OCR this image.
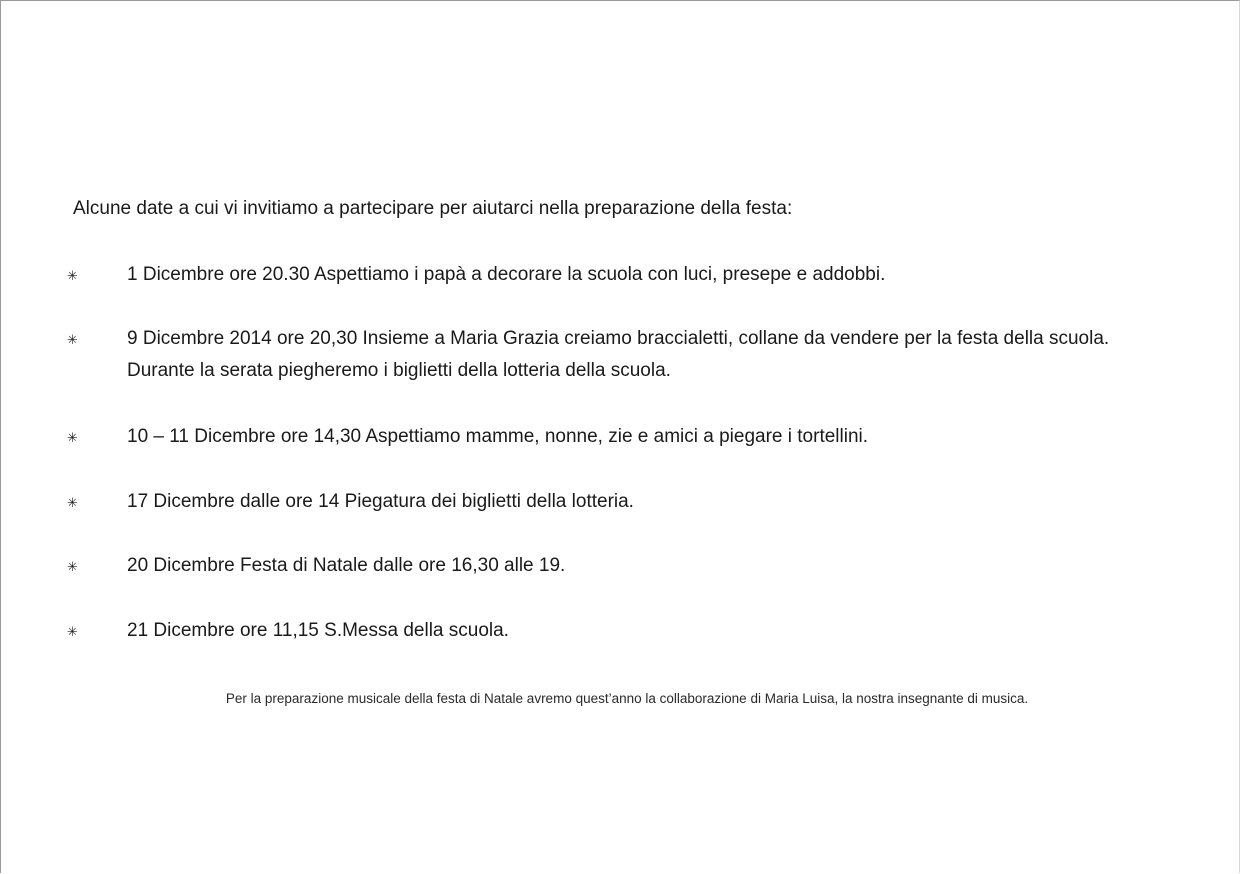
Alcune date a cui vi invitiamo a partecipare per aiutarci nella preparazione della festa:
✳	1 Dicembre ore 20.30 Aspettiamo i papà a decorare la scuola con luci, presepe e addobbi.
✳	9 Dicembre 2014 ore 20,30 Insieme a Maria Grazia creiamo braccialetti, collane da vendere per la festa della scuola. Durante la serata piegheremo i biglietti della lotteria della scuola.
✳	10 – 11 Dicembre ore 14,30 Aspettiamo mamme, nonne, zie e amici a piegare i tortellini.
✳	17 Dicembre dalle ore 14 Piegatura dei biglietti della lotteria.
✳	20 Dicembre Festa di Natale dalle ore 16,30 alle 19.
✳	21 Dicembre ore 11,15 S.Messa della scuola.
Per la preparazione musicale della festa di Natale avremo quest’anno la collaborazione di Maria Luisa, la nostra insegnante di musica.
